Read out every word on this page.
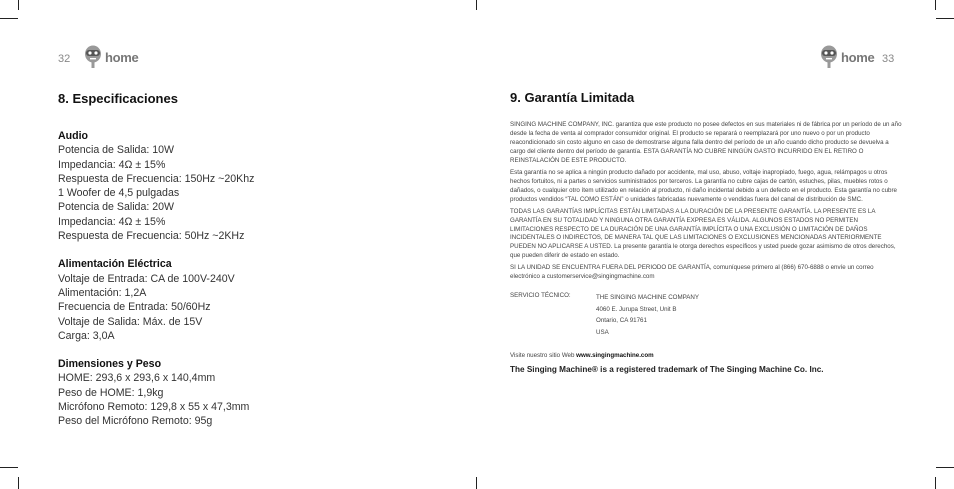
32	home
8. Especificaciones
Audio
Potencia de Salida: 10W
Impedancia: 4Ω ± 15%
Respuesta de Frecuencia: 150Hz ~20Khz
1 Woofer de 4,5 pulgadas
Potencia de Salida: 20W
Impedancia: 4Ω ± 15%
Respuesta de Frecuencia: 50Hz ~2KHz
Alimentación Eléctrica
Voltaje de Entrada: CA de 100V-240V
Alimentación: 1,2A
Frecuencia de Entrada: 50/60Hz
Voltaje de Salida: Máx. de 15V
Carga: 3,0A
Dimensiones y Peso
HOME: 293,6 x 293,6 x 140,4mm
Peso de HOME: 1,9kg
Micrófono Remoto: 129,8 x 55 x 47,3mm
Peso del Micrófono Remoto: 95g
home 33
9. Garantía Limitada

SINGING MACHINE COMPANY, INC. garantiza que este producto no posee defectos en sus materiales ni de fábrica por un período de un año desde la fecha de venta al comprador consumidor original. El producto se reparará o reemplazará por uno nuevo o por un producto reacondicionado sin costo alguno en caso de demostrarse alguna falla dentro del período de un año cuando dicho producto se devuelva a cargo del cliente dentro del período de garantía. ESTA GARANTÍA NO CUBRE NINGÚN GASTO INCURRIDO EN EL RETIRO O REINSTALACIÓN DE ESTE PRODUCTO.

Esta garantía no se aplica a ningún producto dañado por accidente, mal uso, abuso, voltaje inapropiado, fuego, agua, relámpagos u otros hechos fortuitos, ni a partes o servicios suministrados por terceros. La garantía no cubre cajas de cartón, estuches, pilas, muebles rotos o dañados, o cualquier otro ítem utilizado en relación al producto, ni daño incidental debido a un defecto en el producto. Esta garantía no cubre productos vendidos “TAL COMO ESTÁN” o unidades fabricadas nuevamente o vendidas fuera del canal de distribución de SMC.

TODAS LAS GARANTÍAS IMPLÍCITAS ESTÁN LIMITADAS A LA DURACIÓN DE LA PRESENTE GARANTÍA. LA PRESENTE ES LA GARANTÍA EN SU TOTALIDAD Y NINGUNA OTRA GARANTÍA EXPRESA ES VÁLIDA. ALGUNOS ESTADOS NO PERMITEN LIMITACIONES RESPECTO DE LA DURACIÓN DE UNA GARANTÍA IMPLÍCITA O UNA EXCLUSIÓN O LIMITACIÓN DE DAÑOS INCIDENTALES O INDIRECTOS, DE MANERA TAL QUE LAS LIMITACIONES O EXCLUSIONES MENCIONADAS ANTERIORMENTE PUEDEN NO APLICARSE A USTED. La presente garantía le otorga derechos específicos y usted puede gozar asimismo de otros derechos, que pueden diferir de estado en estado.

SI LA UNIDAD SE ENCUENTRA FUERA DEL PERIODO DE GARANTÍA, comuníquese primero al (866) 670-6888 o envíe un correo electrónico a customerservice@singingmachine.com

SERVICIO TÉCNICO:	THE SINGING MACHINE COMPANY
4060 E. Jurupa Street, Unit B
Ontario, CA 91761
USA
Visite nuestro sitio Web www.singingmachine.com
The Singing Machine® is a registered trademark of The Singing Machine Co. Inc.
